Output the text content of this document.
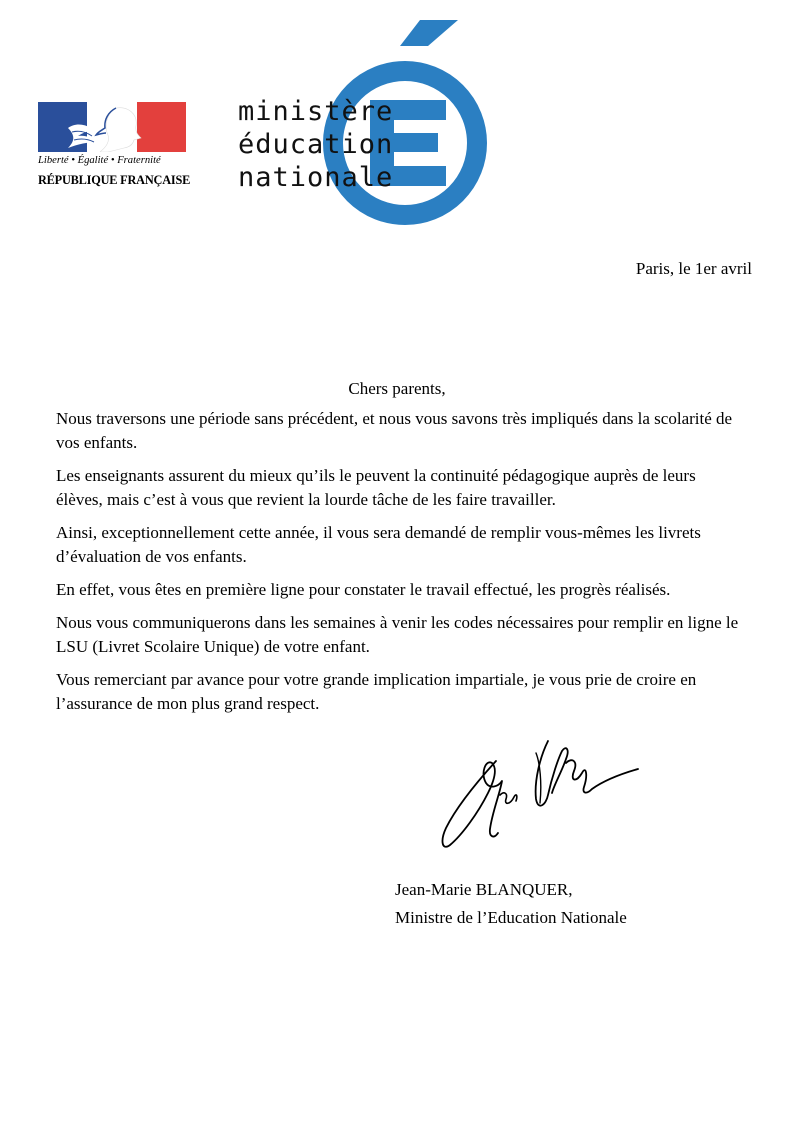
Liberté • Égalité • Fraternité
RÉPUBLIQUE FRANÇAISE
ministère
éducation
nationale
Paris, le 1er avril
Chers parents,

Nous traversons une période sans précédent, et nous vous savons très impliqués dans la scolarité de vos enfants.

Les enseignants assurent du mieux qu’ils le peuvent la continuité pédagogique auprès de leurs élèves, mais c’est à vous que revient la lourde tâche de les faire travailler.

Ainsi, exceptionnellement cette année, il vous sera demandé de remplir vous-mêmes les livrets d’évaluation de vos enfants.

En effet, vous êtes en première ligne pour constater le travail effectué, les progrès réalisés.

Nous vous communiquerons dans les semaines à venir les codes nécessaires pour remplir en ligne le LSU (Livret Scolaire Unique) de votre enfant.

Vous remerciant par avance pour votre grande implication impartiale, je vous prie de croire en l’assurance de mon plus grand respect.

Jean-Marie BLANQUER,
Ministre de l’Education Nationale
